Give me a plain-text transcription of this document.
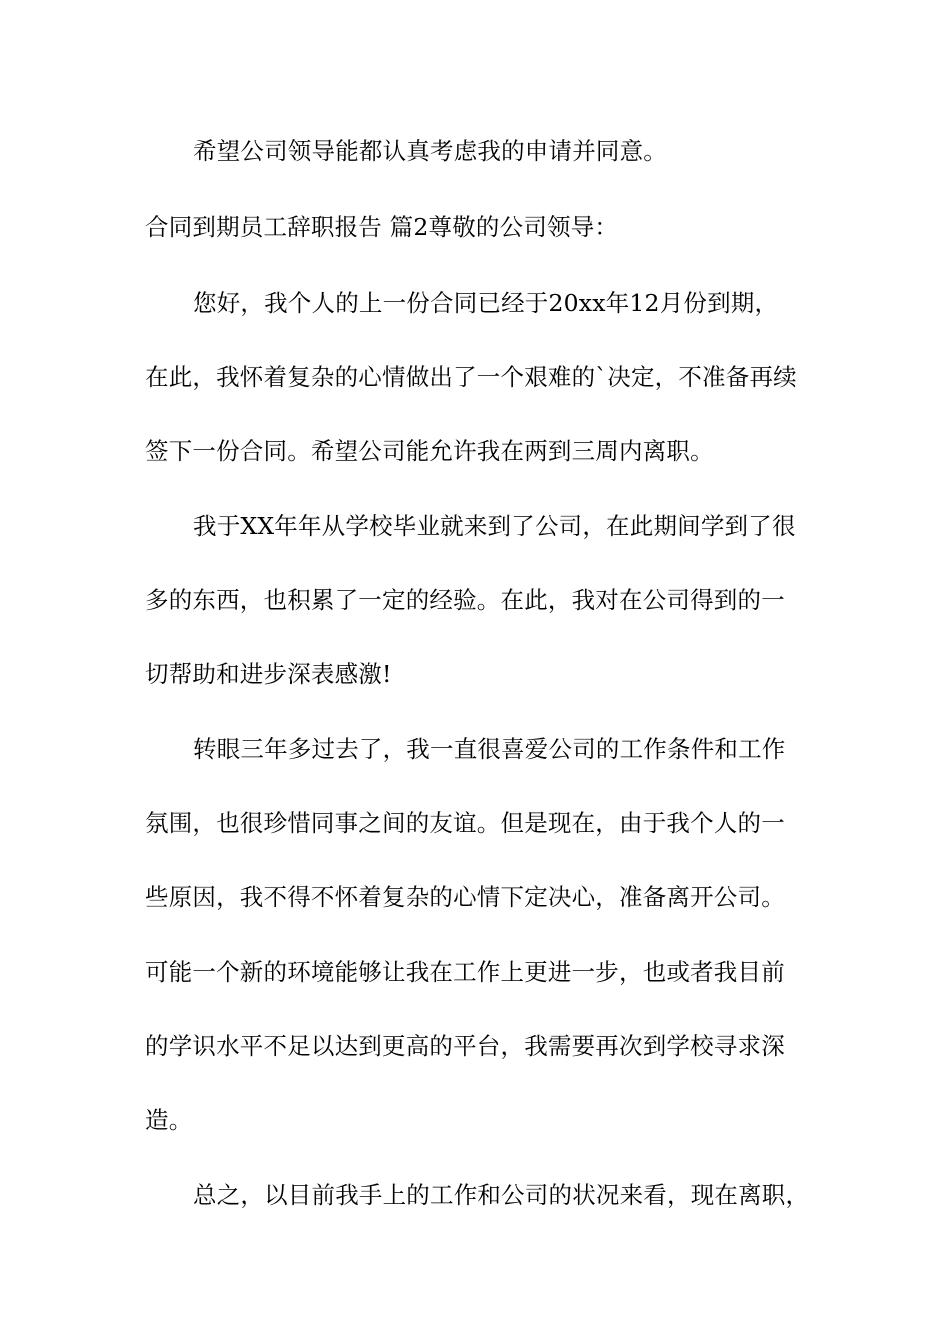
希望公司领导能都认真考虑我的申请并同意。
合同到期员工辞职报告 篇2尊敬的公司领导：
您好，我个人的上一份合同已经于20xx年12月份到期，
在此，我怀着复杂的心情做出了一个艰难的`决定，不准备再续
签下一份合同。希望公司能允许我在两到三周内离职。
我于XX年年从学校毕业就来到了公司，在此期间学到了很
多的东西，也积累了一定的经验。在此，我对在公司得到的一
切帮助和进步深表感激!
转眼三年多过去了，我一直很喜爱公司的工作条件和工作
氛围，也很珍惜同事之间的友谊。但是现在，由于我个人的一
些原因，我不得不怀着复杂的心情下定决心，准备离开公司。
可能一个新的环境能够让我在工作上更进一步，也或者我目前
的学识水平不足以达到更高的平台，我需要再次到学校寻求深
造。
总之，以目前我手上的工作和公司的状况来看，现在离职，
